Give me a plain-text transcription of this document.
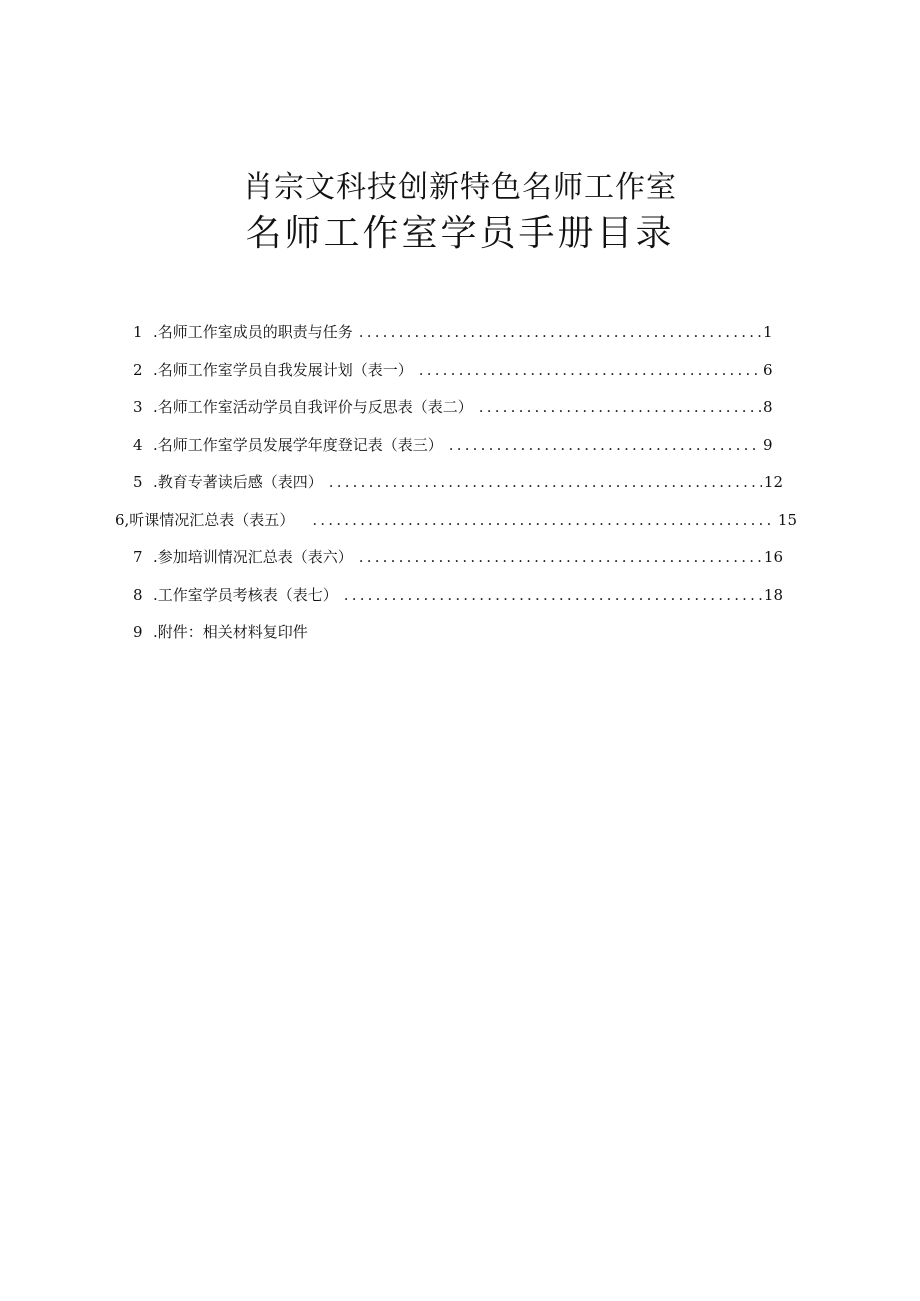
肖宗文科技创新特色名师工作室
名师工作室学员手册目录
1 .名师工作室成员的职责与任务 .....	1
2 .名师工作室学员自我发展计划（表一） .....	6
3 .名师工作室活动学员自我评价与反思表（表二） .....	8
4 .名师工作室学员发展学年度登记表（表三） .....	9
5 .教育专著读后感（表四） .....	12
6,听课情况汇总表（表五） .....	15
7 .参加培训情况汇总表（表六） .....	16
8 .工作室学员考核表（表七） .....	18
9 .附件：相关材料复印件
